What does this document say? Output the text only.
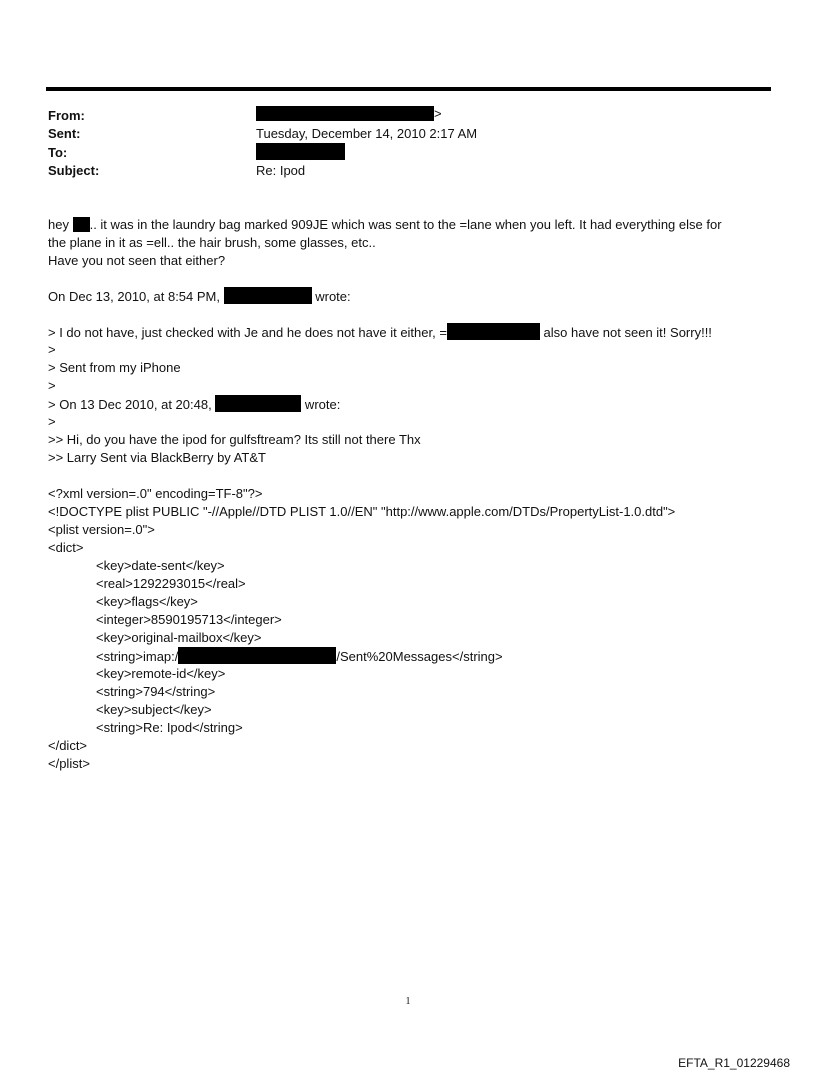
From:	>
Sent:	Tuesday, December 14, 2010 2:17 AM
To:
Subject:	Re: Ipod
hey .. it was in the laundry bag marked 909JE which was sent to the =lane when you left. It had everything else for
the plane in it as =ell.. the hair brush, some glasses, etc..
Have you not seen that either?
On Dec 13, 2010, at 8:54 PM,	wrote:
> I do not have, just checked with Je and he does not have it either, =	also have not seen it! Sorry!!!
>
> Sent from my iPhone
>
> On 13 Dec 2010, at 20:48,	wrote:
>
>> Hi, do you have the ipod for gulfsftream? Its still not there Thx
>> Larry Sent via BlackBerry by AT&T
<?xml version=.0" encoding=TF-8"?>
<!DOCTYPE plist PUBLIC "-//Apple//DTD PLIST 1.0//EN" "http://www.apple.com/DTDs/PropertyList-1.0.dtd">
<plist version=.0">
<dict>
<key>date-sent</key>
<real>1292293015</real>
<key>flags</key>
<integer>8590195713</integer>
<key>original-mailbox</key>
<string>imap:/	/Sent%20Messages</string>
<key>remote-id</key>
<string>794</string>
<key>subject</key>
<string>Re: Ipod</string>
</dict>
</plist>
1
EFTA_R1_01229468
